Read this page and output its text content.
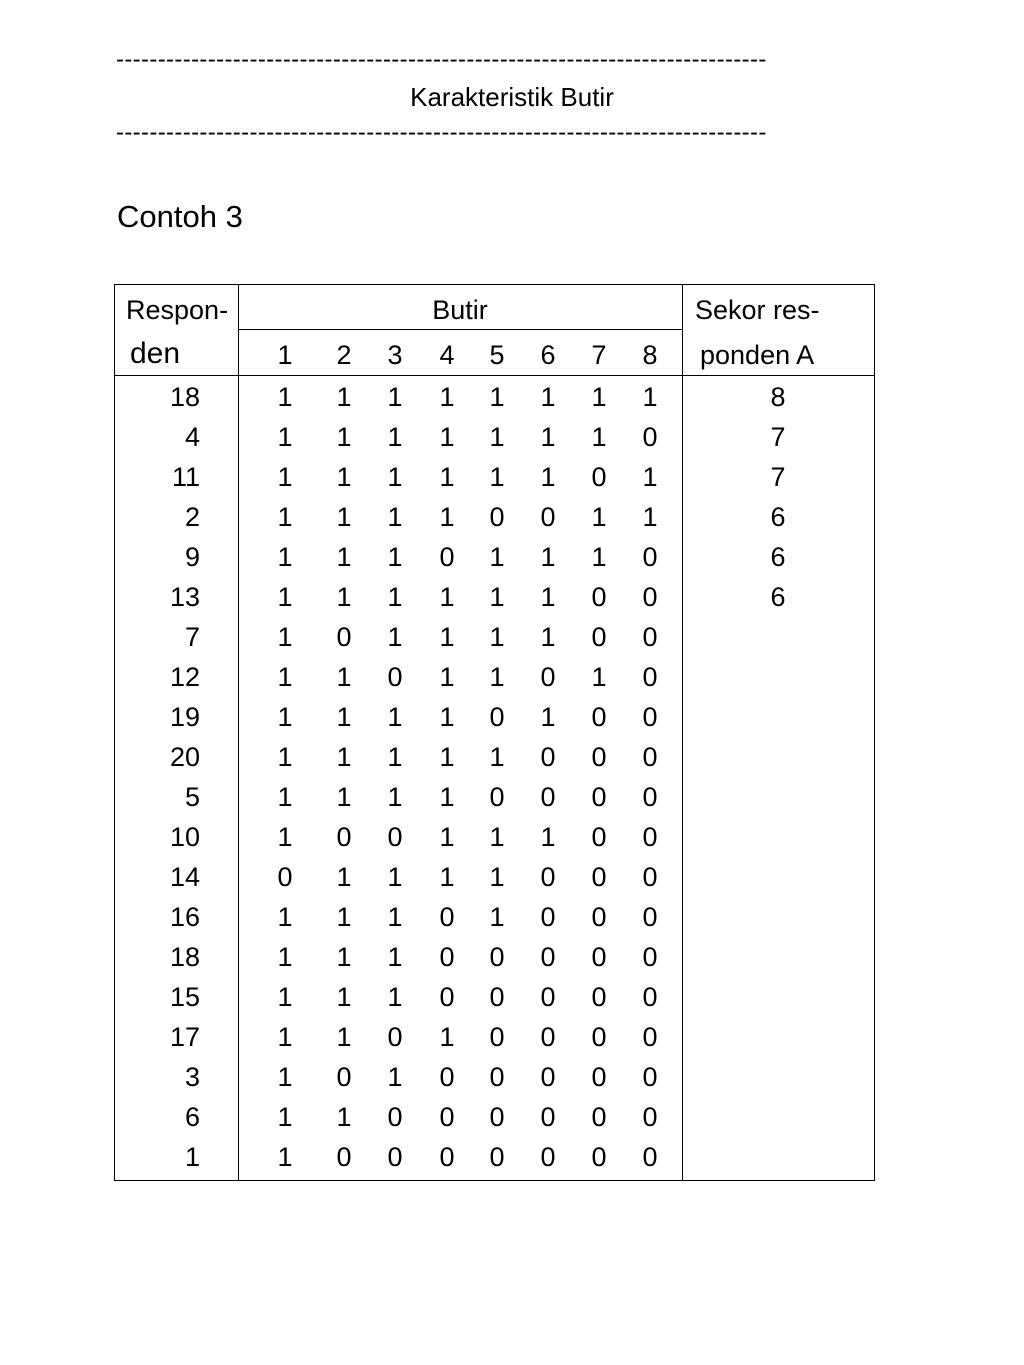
------------------------------------------------------------------------------
Karakteristik Butir
------------------------------------------------------------------------------
Contoh 3
Respon-
den
Butir	Sekor res-
ponden A
1	2	3	4	5	6	7	8
18	1	1	1	1	1	1	1	1	8
4	1	1	1	1	1	1	1	0	7
11	1	1	1	1	1	1	0	1	7
2	1	1	1	1	0	0	1	1	6
9	1	1	1	0	1	1	1	0	6
13	1	1	1	1	1	1	0	0	6
7	1	0	1	1	1	1	0	0
12	1	1	0	1	1	0	1	0
19	1	1	1	1	0	1	0	0
20	1	1	1	1	1	0	0	0
5	1	1	1	1	0	0	0	0
10	1	0	0	1	1	1	0	0
14	0	1	1	1	1	0	0	0
16	1	1	1	0	1	0	0	0
18	1	1	1	0	0	0	0	0
15	1	1	1	0	0	0	0	0
17	1	1	0	1	0	0	0	0
3	1	0	1	0	0	0	0	0
6	1	1	0	0	0	0	0	0
1	1	0	0	0	0	0	0	0
